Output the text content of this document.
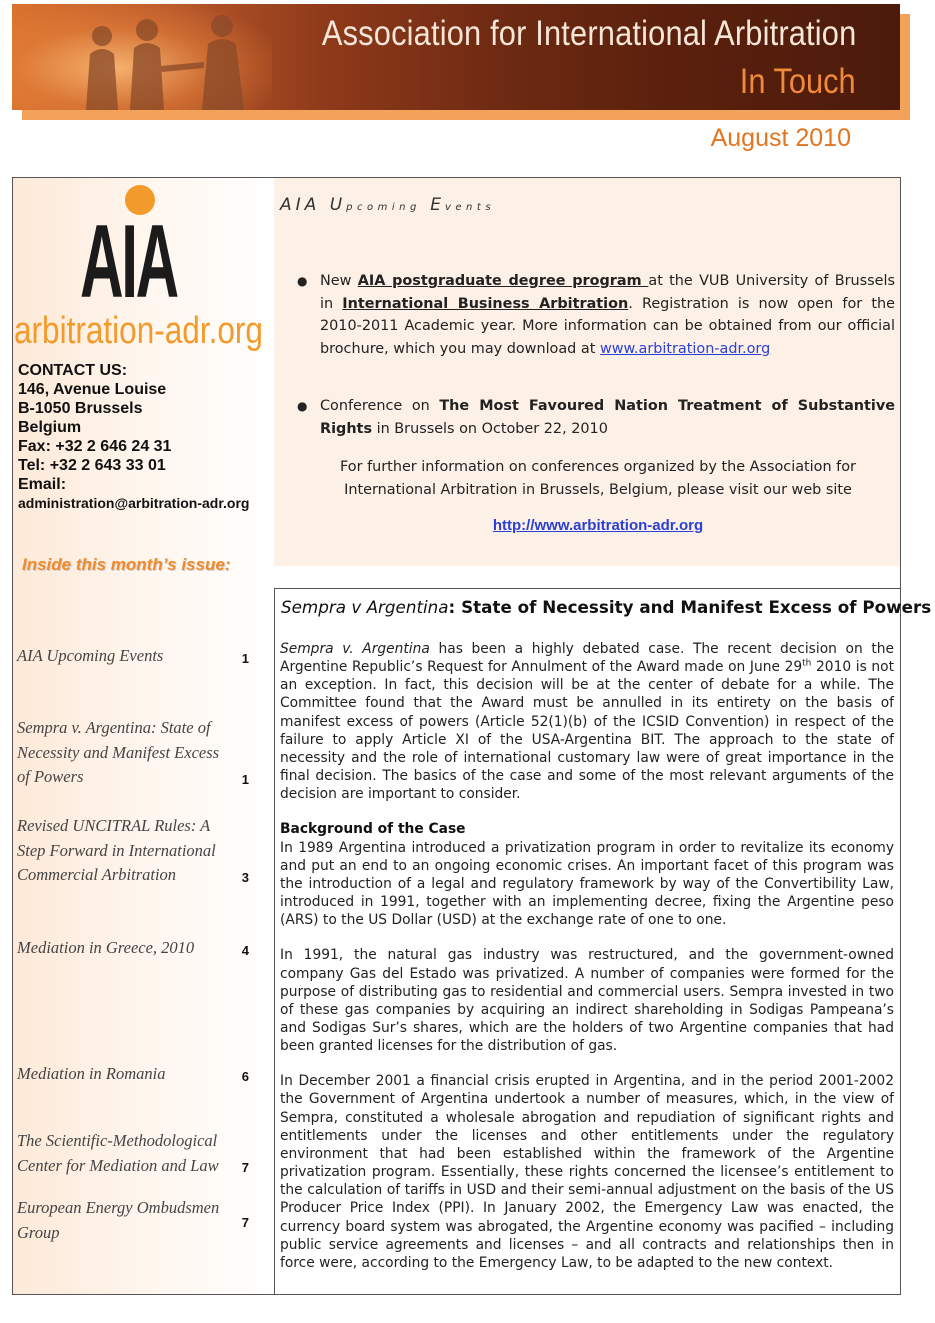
Association for International Arbitration
In Touch
August 2010
AIA
arbitration-adr.org
CONTACT US:
146, Avenue Louise
B-1050 Brussels
Belgium
Fax: +32 2 646 24 31
Tel: +32 2 643 33 01
Email:
administration@arbitration-adr.org
Inside this month’s issue:
AIA Upcoming Events	1
Sempra v. Argentina: State of Necessity and Manifest Excess of Powers	1
Revised UNCITRAL Rules: A Step Forward in International Commercial Arbitration	3
Mediation in Greece, 2010	4
Mediation in Romania	6
The Scientific-Methodological Center for Mediation and Law	7
European Energy Ombudsmen Group	7
AIA Upcoming Events
● New AIA postgraduate degree program at the VUB University of Brussels in International Business Arbitration. Registration is now open for the 2010-2011 Academic year. More information can be obtained from our official brochure, which you may download at www.arbitration-adr.org
● Conference on The Most Favoured Nation Treatment of Substantive Rights in Brussels on October 22, 2010
For further information on conferences organized by the Association for International Arbitration in Brussels, Belgium, please visit our web site
http://www.arbitration-adr.org
Sempra v Argentina: State of Necessity and Manifest Excess of Powers

Sempra v. Argentina has been a highly debated case. The recent decision on the Argentine Republic’s Request for Annulment of the Award made on June 29th 2010 is not an exception. In fact, this decision will be at the center of debate for a while. The Committee found that the Award must be annulled in its entirety on the basis of manifest excess of powers (Article 52(1)(b) of the ICSID Convention) in respect of the failure to apply Article XI of the USA-Argentina BIT. The approach to the state of necessity and the role of international customary law were of great importance in the final decision. The basics of the case and some of the most relevant arguments of the decision are important to consider.

Background of the Case

In 1989 Argentina introduced a privatization program in order to revitalize its economy and put an end to an ongoing economic crises. An important facet of this program was the introduction of a legal and regulatory framework by way of the Convertibility Law, introduced in 1991, together with an implementing decree, fixing the Argentine peso (ARS) to the US Dollar (USD) at the exchange rate of one to one.

In 1991, the natural gas industry was restructured, and the government-owned company Gas del Estado was privatized. A number of companies were formed for the purpose of distributing gas to residential and commercial users. Sempra invested in two of these gas companies by acquiring an indirect shareholding in Sodigas Pampeana’s and Sodigas Sur’s shares, which are the holders of two Argentine companies that had been granted licenses for the distribution of gas.

In December 2001 a financial crisis erupted in Argentina, and in the period 2001-2002 the Government of Argentina undertook a number of measures, which, in the view of Sempra, constituted a wholesale abrogation and repudiation of significant rights and entitlements under the licenses and other entitlements under the regulatory environment that had been established within the framework of the Argentine privatization program. Essentially, these rights concerned the licensee’s entitlement to the calculation of tariffs in USD and their semi-annual adjustment on the basis of the US Producer Price Index (PPI). In January 2002, the Emergency Law was enacted, the currency board system was abrogated, the Argentine economy was pacified – including public service agreements and licenses – and all contracts and relationships then in force were, according to the Emergency Law, to be adapted to the new context.
